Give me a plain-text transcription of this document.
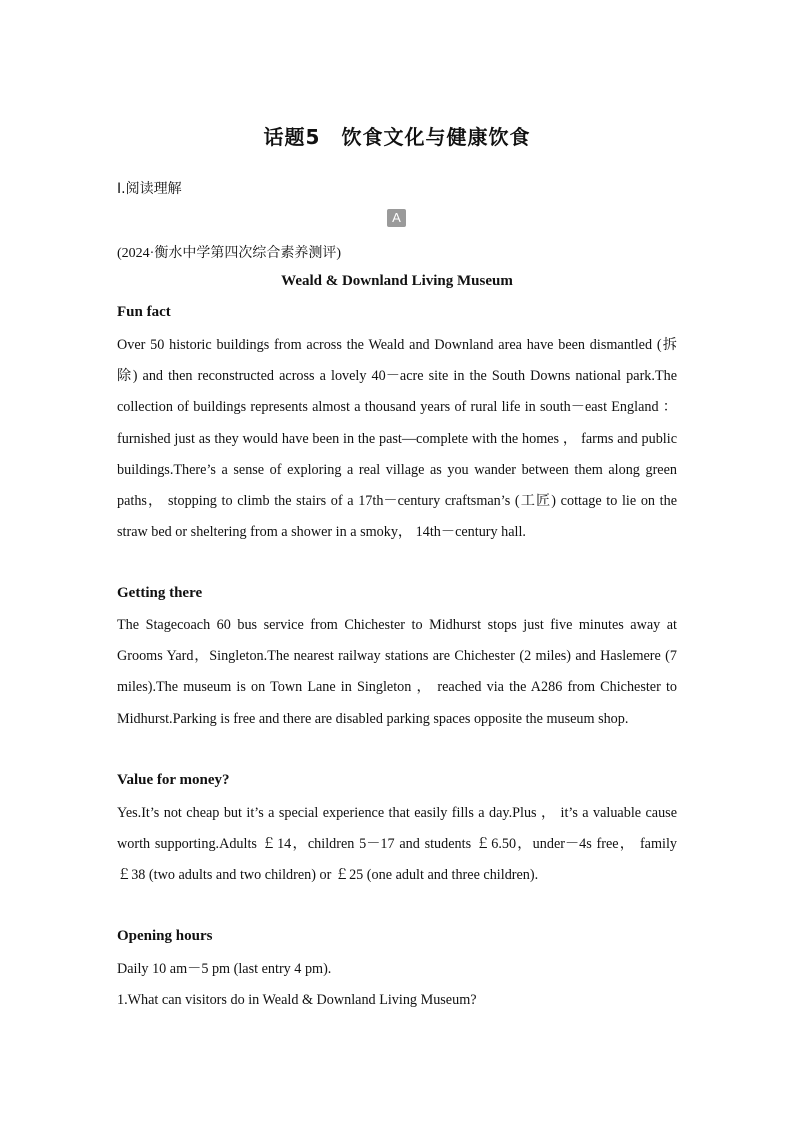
话题5　饮食文化与健康饮食
Ⅰ.阅读理解
A
(2024·衡水中学第四次综合素养测评)
Weald & Downland Living Museum
Fun fact
Over 50 historic buildings from across the Weald and Downland area have been dismantled (拆除) and then reconstructed across a lovely 40－acre site in the South Downs national park.The collection of buildings represents almost a thousand years of rural life in south－east England ： furnished just as they would have been in the past—complete with the homes ， farms and public buildings.There’s a sense of exploring a real village as you wander between them along green paths， stopping to climb the stairs of a 17th－century craftsman’s (工匠) cottage to lie on the straw bed or sheltering from a shower in a smoky， 14th－century hall.
Getting there
The Stagecoach 60 bus service from Chichester to Midhurst stops just five minutes away at Grooms Yard，Singleton.The nearest railway stations are Chichester (2 miles) and Haslemere (7 miles).The museum is on Town Lane in Singleton ， reached via the A286 from Chichester to Midhurst.Parking is free and there are disabled parking spaces opposite the museum shop.
Value for money?
Yes.It’s not cheap but it’s a special experience that easily fills a day.Plus ， it’s a valuable cause worth supporting.Adults ￡14，children 5－17 and students ￡6.50，under－4s free， family ￡38 (two adults and two children) or ￡25 (one adult and three children).
Opening hours
Daily 10 am－5 pm (last entry 4 pm).
1.What can visitors do in Weald & Downland Living Museum?
